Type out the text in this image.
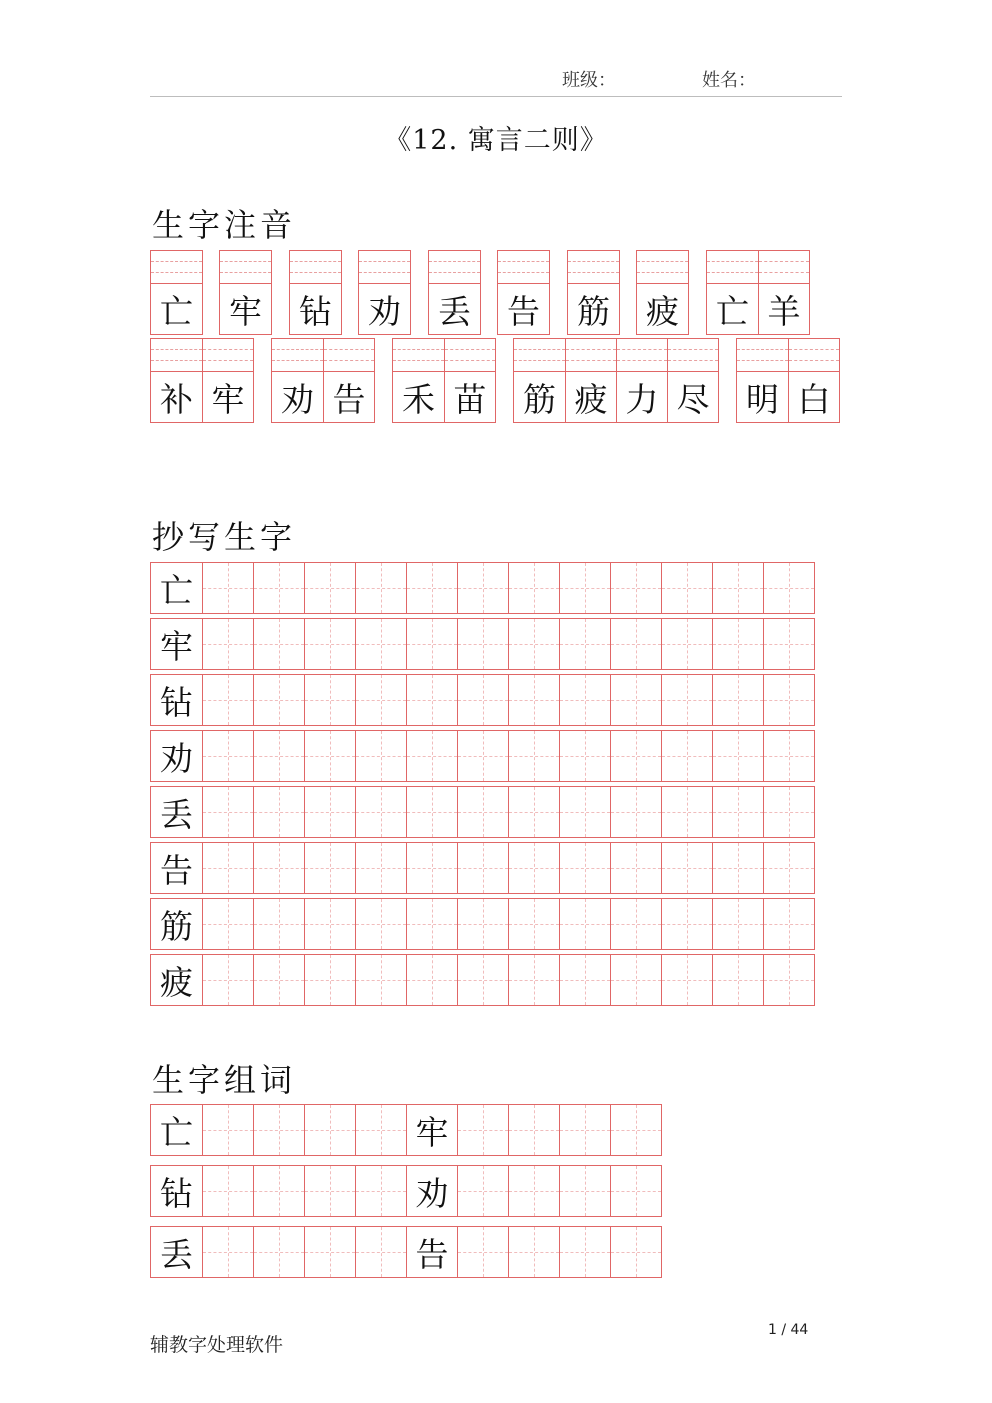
班级：	姓名：
《12. 寓言二则》
生字注音
亡 牢 钻 劝 丢 告 筋 疲 亡 羊
补 牢 劝 告 禾 苗 筋 疲 力 尽 明 白
抄写生字
亡
牢
钻
劝
丢
告
筋
疲
生字组词
亡	牢
钻	劝
丢	告
辅教字处理软件
1 / 44
